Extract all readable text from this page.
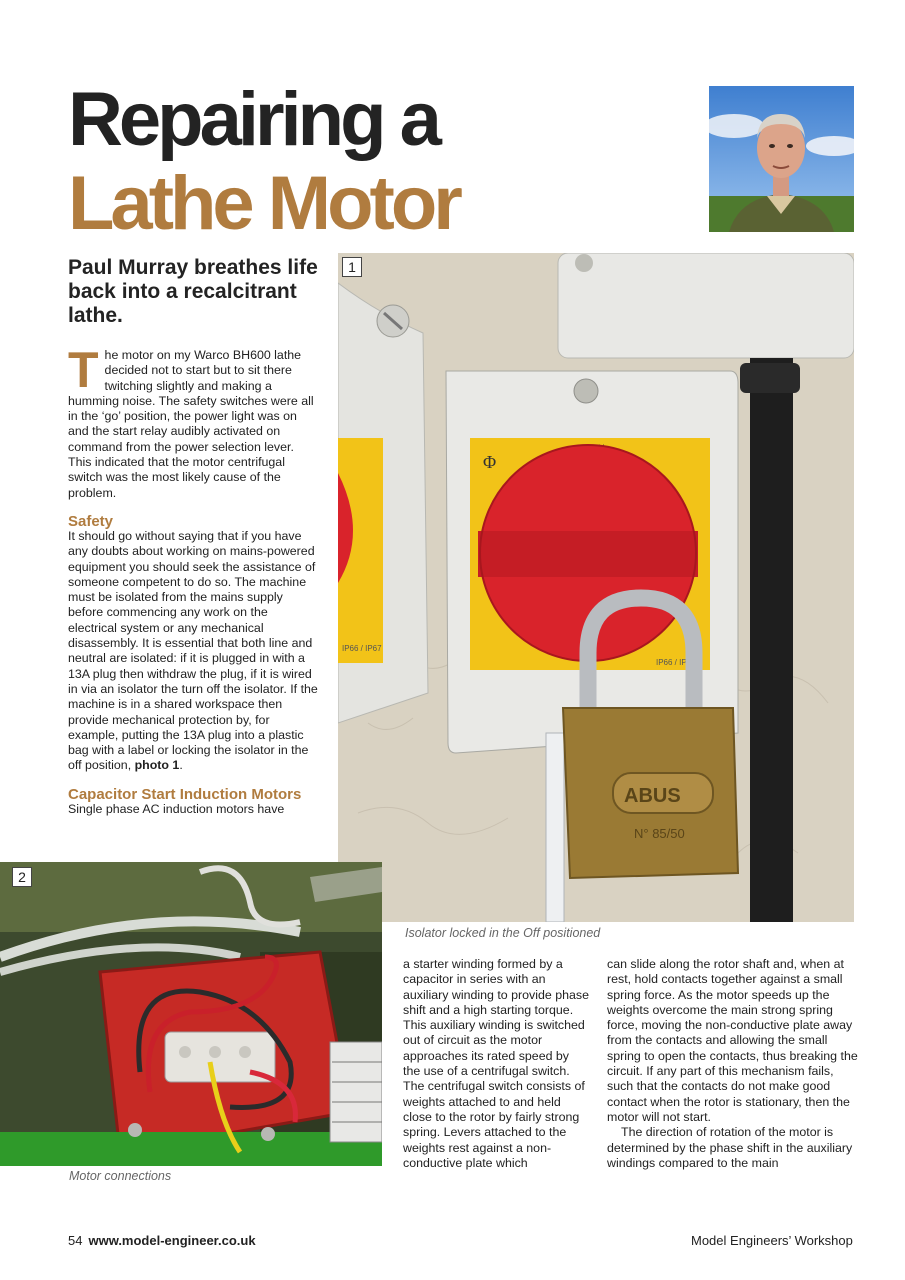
Repairing a
Lathe Motor
Paul Murray breathes life back into a recalcitrant lathe.

The motor on my Warco BH600 lathe decided not to start but to sit there twitching slightly and making a humming noise. The safety switches were all in the ‘go’ position, the power light was on and the start relay audibly activated on command from the power selection lever. This indicated that the motor centrifugal switch was the most likely cause of the problem.

Safety

It should go without saying that if you have any doubts about working on mains-powered equipment you should seek the assistance of someone competent to do so. The machine must be isolated from the mains supply before commencing any work on the electrical system or any mechanical disassembly. It is essential that both line and neutral are isolated: if it is plugged in with a 13A plug then withdraw the plug, if it is wired in via an isolator the turn off the isolator. If the machine is in a shared workspace then provide mechanical protection by, for example, putting the 13A plug into a plastic bag with a label or locking the isolator in the off position, photo 1.

Capacitor Start Induction Motors

Single phase AC induction motors have

IP66 / IP67
Φ
IP66 / IP67
ABUS
N° 85/50
1
Isolator locked in the Off positioned
2
Motor connections

a starter winding formed by a capacitor in series with an auxiliary winding to provide phase shift and a high starting torque. This auxiliary winding is switched out of circuit as the motor approaches its rated speed by the use of a centrifugal switch. The centrifugal switch consists of weights attached to and held close to the rotor by fairly strong spring. Levers attached to the weights rest against a non-conductive plate which

can slide along the rotor shaft and, when at rest, hold contacts together against a small spring force. As the motor speeds up the weights overcome the main strong spring force, moving the non-conductive plate away from the contacts and allowing the small spring to open the contacts, thus breaking the circuit. If any part of this mechanism fails, such that the contacts do not make good contact when the rotor is stationary, then the motor will not start.

The direction of rotation of the motor is determined by the phase shift in the auxiliary windings compared to the main

54 www.model-engineer.co.uk	Model Engineers’ Workshop
